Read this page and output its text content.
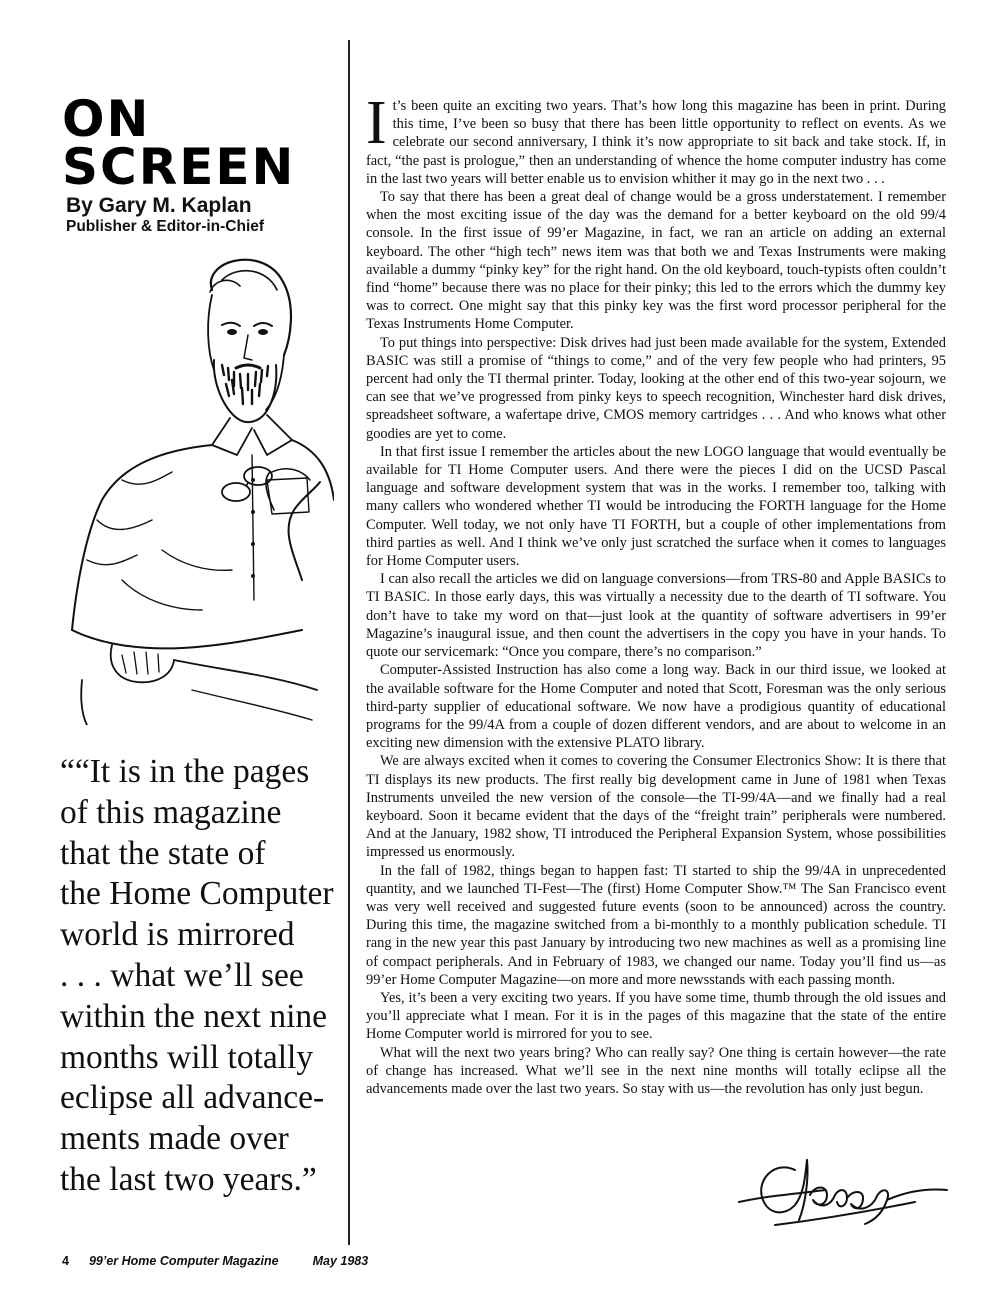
ON
SCREEN
By Gary M. Kaplan
Publisher & Editor-in-Chief
““It is in the pages
of this magazine
that the state of
the Home Computer
world is mirrored
. . . what we’ll see
within the next nine
months will totally
eclipse all advance-
ments made over
the last two years.”

It’s been quite an exciting two years. That’s how long this magazine has been in print. During this time, I’ve been so busy that there has been little opportunity to reflect on events. As we celebrate our second anniversary, I think it’s now appropriate to sit back and take stock. If, in fact, “the past is prologue,” then an understanding of whence the home computer industry has come in the last two years will better enable us to envision whither it may go in the next two . . .

To say that there has been a great deal of change would be a gross understatement. I remember when the most exciting issue of the day was the demand for a better keyboard on the old 99/4 console. In the first issue of 99’er Magazine, in fact, we ran an article on adding an external keyboard. The other “high tech” news item was that both we and Texas Instruments were making available a dummy “pinky key” for the right hand. On the old keyboard, touch-typists often couldn’t find “home” because there was no place for their pinky; this led to the errors which the dummy key was to correct. One might say that this pinky key was the first word processor peripheral for the Texas Instruments Home Computer.

To put things into perspective: Disk drives had just been made available for the system, Extended BASIC was still a promise of “things to come,” and of the very few people who had printers, 95 percent had only the TI thermal printer. Today, looking at the other end of this two-year sojourn, we can see that we’ve progressed from pinky keys to speech recognition, Winchester hard disk drives, spreadsheet software, a wafertape drive, CMOS memory cartridges . . . And who knows what other goodies are yet to come.

In that first issue I remember the articles about the new LOGO language that would eventually be available for TI Home Computer users. And there were the pieces I did on the UCSD Pascal language and software development system that was in the works. I remember too, talking with many callers who wondered whether TI would be introducing the FORTH language for the Home Computer. Well today, we not only have TI FORTH, but a couple of other implementations from third parties as well. And I think we’ve only just scratched the surface when it comes to languages for Home Computer users.

I can also recall the articles we did on language conversions—from TRS-80 and Apple BASICs to TI BASIC. In those early days, this was virtually a necessity due to the dearth of TI software. You don’t have to take my word on that—just look at the quantity of software advertisers in 99’er Magazine’s inaugural issue, and then count the advertisers in the copy you have in your hands. To quote our servicemark: “Once you compare, there’s no comparison.”

Computer-Assisted Instruction has also come a long way. Back in our third issue, we looked at the available software for the Home Computer and noted that Scott, Foresman was the only serious third-party supplier of educational software. We now have a prodigious quantity of educational programs for the 99/4A from a couple of dozen different vendors, and are about to welcome in an exciting new dimension with the extensive PLATO library.

We are always excited when it comes to covering the Consumer Electronics Show: It is there that TI displays its new products. The first really big development came in June of 1981 when Texas Instruments unveiled the new version of the console—the TI-99/4A—and we finally had a real keyboard. Soon it became evident that the days of the “freight train” peripherals were numbered. And at the January, 1982 show, TI introduced the Peripheral Expansion System, whose possibilities impressed us enormously.

In the fall of 1982, things began to happen fast: TI started to ship the 99/4A in unprecedented quantity, and we launched TI-Fest—The (first) Home Computer Show.™ The San Francisco event was very well received and suggested future events (soon to be announced) across the country. During this time, the magazine switched from a bi-monthly to a monthly publication schedule. TI rang in the new year this past January by introducing two new machines as well as a promising line of compact peripherals. And in February of 1983, we changed our name. Today you’ll find us—as 99’er Home Computer Magazine—on more and more newsstands with each passing month.

Yes, it’s been a very exciting two years. If you have some time, thumb through the old issues and you’ll appreciate what I mean. For it is in the pages of this magazine that the state of the entire Home Computer world is mirrored for you to see.

What will the next two years bring? Who can really say? One thing is certain however—the rate of change has increased. What we’ll see in the next nine months will totally eclipse all the advancements made over the last two years. So stay with us—the revolution has only just begun.

4 99’er Home Computer Magazine	May 1983
